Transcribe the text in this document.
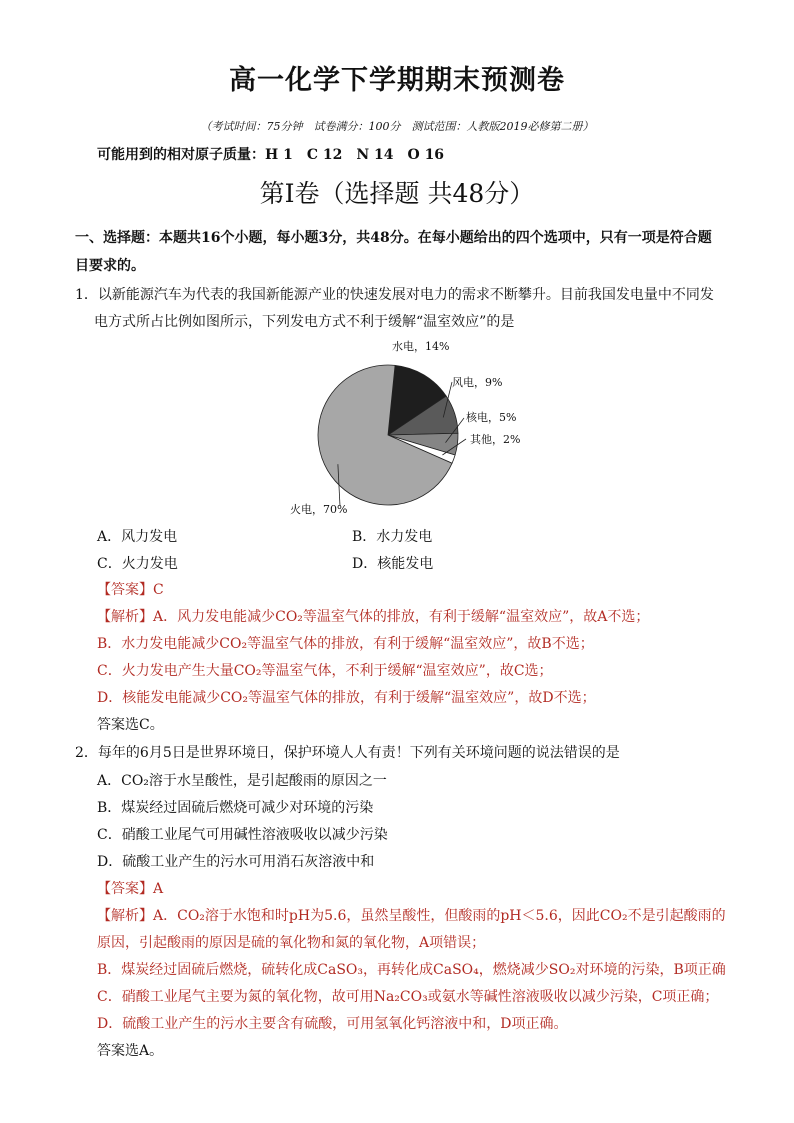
高一化学下学期期末预测卷
（考试时间：75分钟　试卷满分：100分　测试范围：人教版2019必修第二册）
可能用到的相对原子质量：H 1　C 12　N 14　O 16
第Ⅰ卷（选择题 共48分）
一、选择题：本题共16个小题，每小题3分，共48分。在每小题给出的四个选项中，只有一项是符合题
目要求的。
1．以新能源汽车为代表的我国新能源产业的快速发展对电力的需求不断攀升。目前我国发电量中不同发
电方式所占比例如图所示，下列发电方式不利于缓解“温室效应”的是
水电，14%
风电，9%
核电，5%
其他，2%
火电，70%
A．风力发电	B．水力发电
C．火力发电	D．核能发电
【答案】C
【解析】A．风力发电能减少CO₂等温室气体的排放，有利于缓解“温室效应”，故A不选；
B．水力发电能减少CO₂等温室气体的排放，有利于缓解“温室效应”，故B不选；
C．火力发电产生大量CO₂等温室气体，不利于缓解“温室效应”，故C选；
D．核能发电能减少CO₂等温室气体的排放，有利于缓解“温室效应”，故D不选；
答案选C。
2．每年的6月5日是世界环境日，保护环境人人有责！下列有关环境问题的说法错误的是
A．CO₂溶于水呈酸性，是引起酸雨的原因之一
B．煤炭经过固硫后燃烧可减少对环境的污染
C．硝酸工业尾气可用碱性溶液吸收以减少污染
D．硫酸工业产生的污水可用消石灰溶液中和
【答案】A
【解析】A．CO₂溶于水饱和时pH为5.6，虽然呈酸性，但酸雨的pH＜5.6，因此CO₂不是引起酸雨的
原因，引起酸雨的原因是硫的氧化物和氮的氧化物，A项错误；
B．煤炭经过固硫后燃烧，硫转化成CaSO₃，再转化成CaSO₄，燃烧减少SO₂对环境的污染，B项正确
C．硝酸工业尾气主要为氮的氧化物，故可用Na₂CO₃或氨水等碱性溶液吸收以减少污染，C项正确；
D．硫酸工业产生的污水主要含有硫酸，可用氢氧化钙溶液中和，D项正确。
答案选A。
